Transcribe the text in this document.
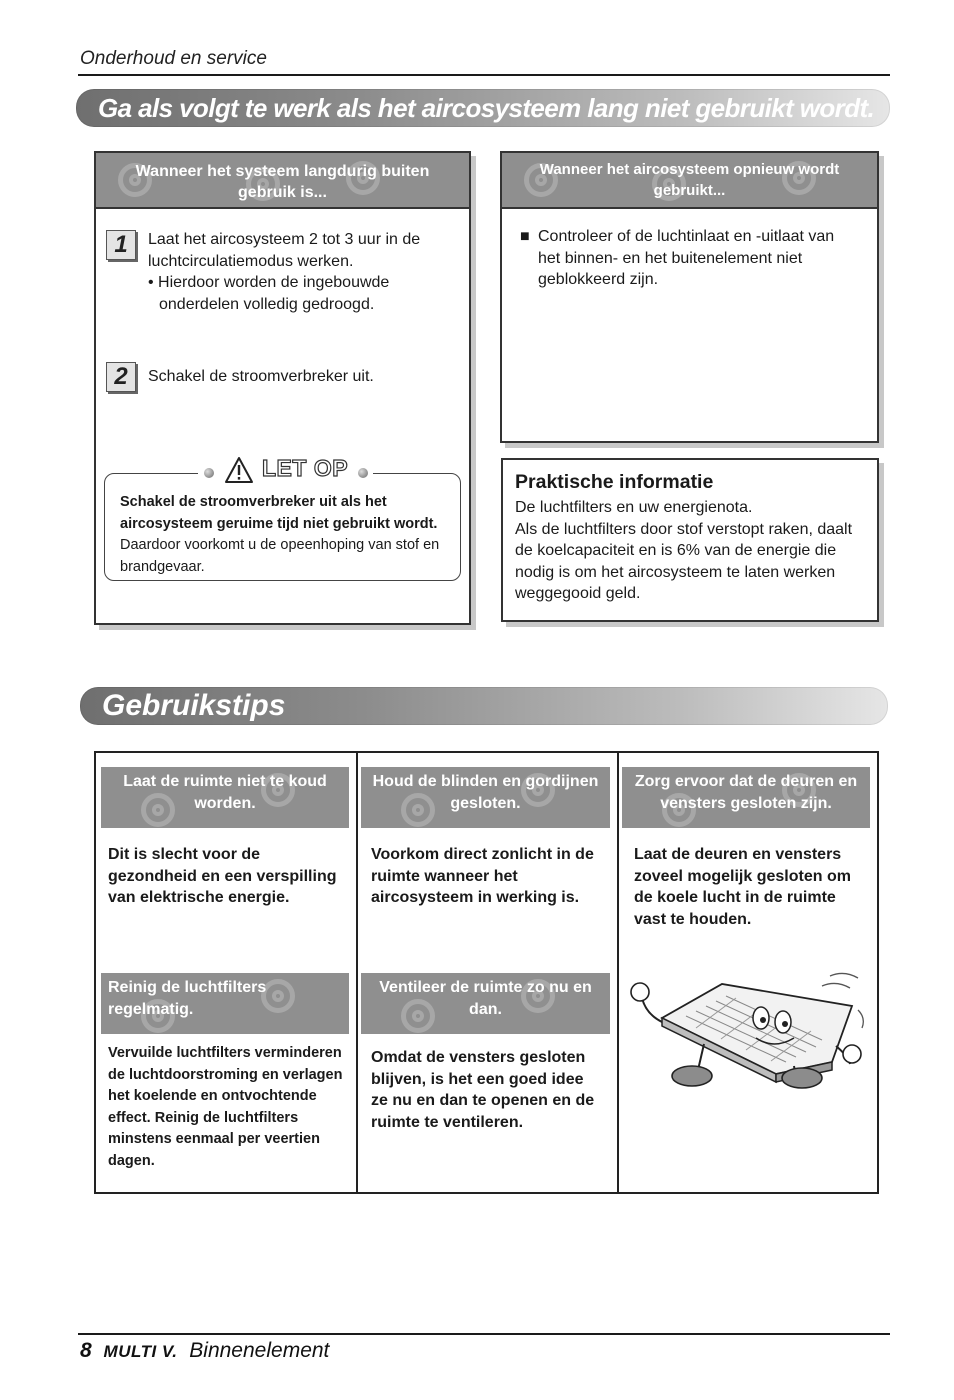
Onderhoud en service
Ga als volgt te werk als het aircosysteem lang niet gebruikt wordt.
Wanneer het systeem langdurig buiten gebruik is...
1	Laat het aircosysteem 2 tot 3 uur in de
luchtcirculatiemodus werken.
• Hierdoor worden de ingebouwde
onderdelen volledig gedroogd.
2	Schakel de stroomverbreker uit.
LET OP
Schakel de stroomverbreker uit als het
aircosysteem geruime tijd niet gebruikt wordt.
Daardoor voorkomt u de opeenhoping van stof en
brandgevaar.
Wanneer het aircosysteem opnieuw wordt gebruikt...
■ Controleer of de luchtinlaat en -uitlaat van
het binnen- en het buitenelement niet
geblokkeerd zijn.
Praktische informatie
De luchtfilters en uw energienota.
Als de luchtfilters door stof verstopt raken, daalt
de koelcapaciteit en is 6% van de energie die
nodig is om het aircosysteem te laten werken
weggegooid geld.
Gebruikstips
Laat de ruimte niet te koud
worden.
Dit is slecht voor de
gezondheid en een verspilling
van elektrische energie.
Houd de blinden en gordijnen
gesloten.
Voorkom direct zonlicht in de
ruimte wanneer het
aircosysteem in werking is.
Zorg ervoor dat de deuren en
vensters gesloten zijn.
Laat de deuren en vensters
zoveel mogelijk gesloten om
de koele lucht in de ruimte
vast te houden.
Reinig de luchtfilters
regelmatig.
Vervuilde luchtfilters verminderen
de luchtdoorstroming en verlagen
het koelende en ontvochtende
effect. Reinig de luchtfilters
minstens eenmaal per veertien
dagen.
Ventileer de ruimte zo nu en
dan.
Omdat de vensters gesloten
blijven, is het een goed idee
ze nu en dan te openen en de
ruimte te ventileren.
8 MULTI V. Binnenelement
